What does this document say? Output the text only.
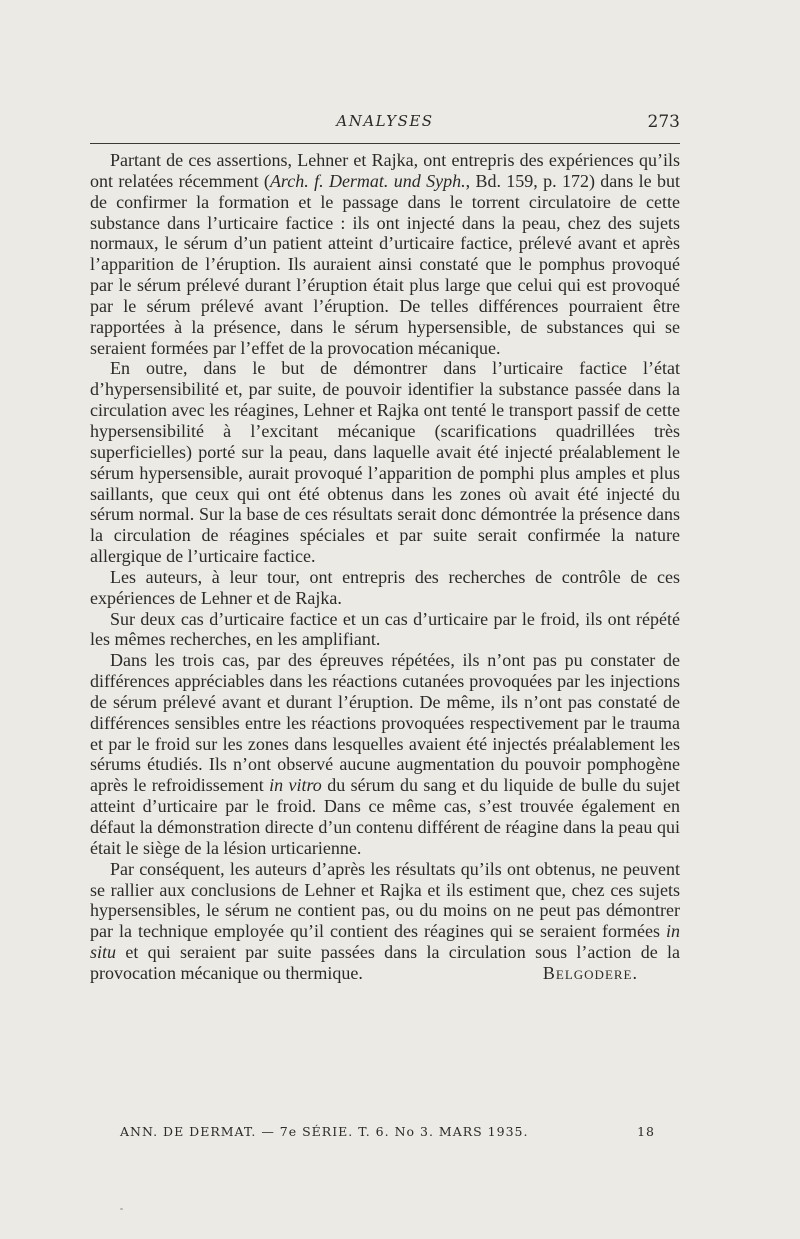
ANALYSES	273

Partant de ces assertions, Lehner et Rajka, ont entrepris des expériences qu’ils ont relatées récemment (Arch. f. Dermat. und Syph., Bd. 159, p. 172) dans le but de confirmer la formation et le passage dans le torrent circulatoire de cette substance dans l’urticaire factice : ils ont injecté dans la peau, chez des sujets normaux, le sérum d’un patient atteint d’urticaire factice, prélevé avant et après l’apparition de l’éruption. Ils auraient ainsi constaté que le pomphus provoqué par le sérum prélevé durant l’éruption était plus large que celui qui est provoqué par le sérum prélevé avant l’éruption. De telles différences pourraient être rapportées à la présence, dans le sérum hypersensible, de substances qui se seraient formées par l’effet de la provocation mécanique.

En outre, dans le but de démontrer dans l’urticaire factice l’état d’hypersensibilité et, par suite, de pouvoir identifier la substance passée dans la circulation avec les réagines, Lehner et Rajka ont tenté le transport passif de cette hypersensibilité à l’excitant mécanique (scarifications quadrillées très superficielles) porté sur la peau, dans laquelle avait été injecté préalablement le sérum hypersensible, aurait provoqué l’apparition de pomphi plus amples et plus saillants, que ceux qui ont été obtenus dans les zones où avait été injecté du sérum normal. Sur la base de ces résultats serait donc démontrée la présence dans la circulation de réagines spéciales et par suite serait confirmée la nature allergique de l’urticaire factice.

Les auteurs, à leur tour, ont entrepris des recherches de contrôle de ces expériences de Lehner et de Rajka.

Sur deux cas d’urticaire factice et un cas d’urticaire par le froid, ils ont répété les mêmes recherches, en les amplifiant.

Dans les trois cas, par des épreuves répétées, ils n’ont pas pu constater de différences appréciables dans les réactions cutanées provoquées par les injections de sérum prélevé avant et durant l’éruption. De même, ils n’ont pas constaté de différences sensibles entre les réactions provoquées respectivement par le trauma et par le froid sur les zones dans lesquelles avaient été injectés préalablement les sérums étudiés. Ils n’ont observé aucune augmentation du pouvoir pomphogène après le refroidissement in vitro du sérum du sang et du liquide de bulle du sujet atteint d’urticaire par le froid. Dans ce même cas, s’est trouvée également en défaut la démonstration directe d’un contenu différent de réagine dans la peau qui était le siège de la lésion urticarienne.

Par conséquent, les auteurs d’après les résultats qu’ils ont obtenus, ne peuvent se rallier aux conclusions de Lehner et Rajka et ils estiment que, chez ces sujets hypersensibles, le sérum ne contient pas, ou du moins on ne peut pas démontrer par la technique employée qu’il contient des réagines qui se seraient formées in situ et qui seraient par suite passées dans la circulation sous l’action de la provocation mécanique ou thermique.	Belgodere.

ANN. DE DERMAT. — 7e SÉRIE. T. 6. No 3. MARS 1935.	18
